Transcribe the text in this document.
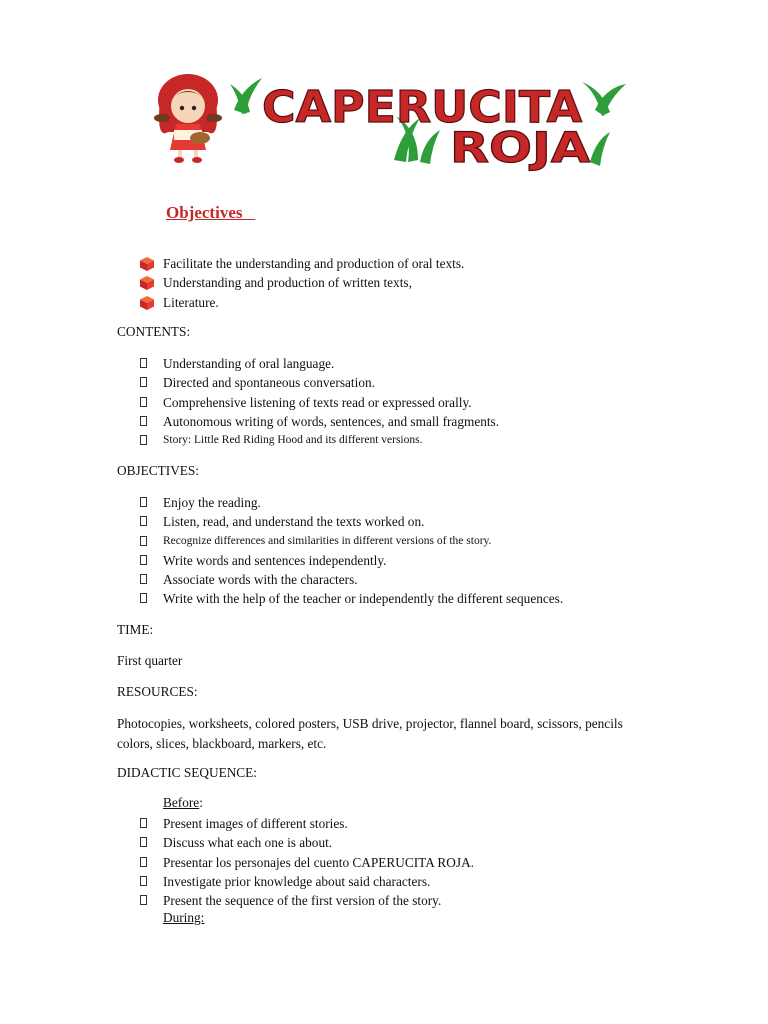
CAPERUCITA
ROJA
Objectives
Facilitate the understanding and production of oral texts.
Understanding and production of written texts,
Literature.
CONTENTS:
Understanding of oral language.
Directed and spontaneous conversation.
Comprehensive listening of texts read or expressed orally.
Autonomous writing of words, sentences, and small fragments.
Story: Little Red Riding Hood and its different versions.
OBJECTIVES:
Enjoy the reading.
Listen, read, and understand the texts worked on.
Recognize differences and similarities in different versions of the story.
Write words and sentences independently.
Associate words with the characters.
Write with the help of the teacher or independently the different sequences.
TIME:
First quarter
RESOURCES:
Photocopies, worksheets, colored posters, USB drive, projector, flannel board, scissors, pencils
colors, slices, blackboard, markers, etc.
DIDACTIC SEQUENCE:
Before:
Present images of different stories.
Discuss what each one is about.
Presentar los personajes del cuento CAPERUCITA ROJA.
Investigate prior knowledge about said characters.
Present the sequence of the first version of the story.
During:
